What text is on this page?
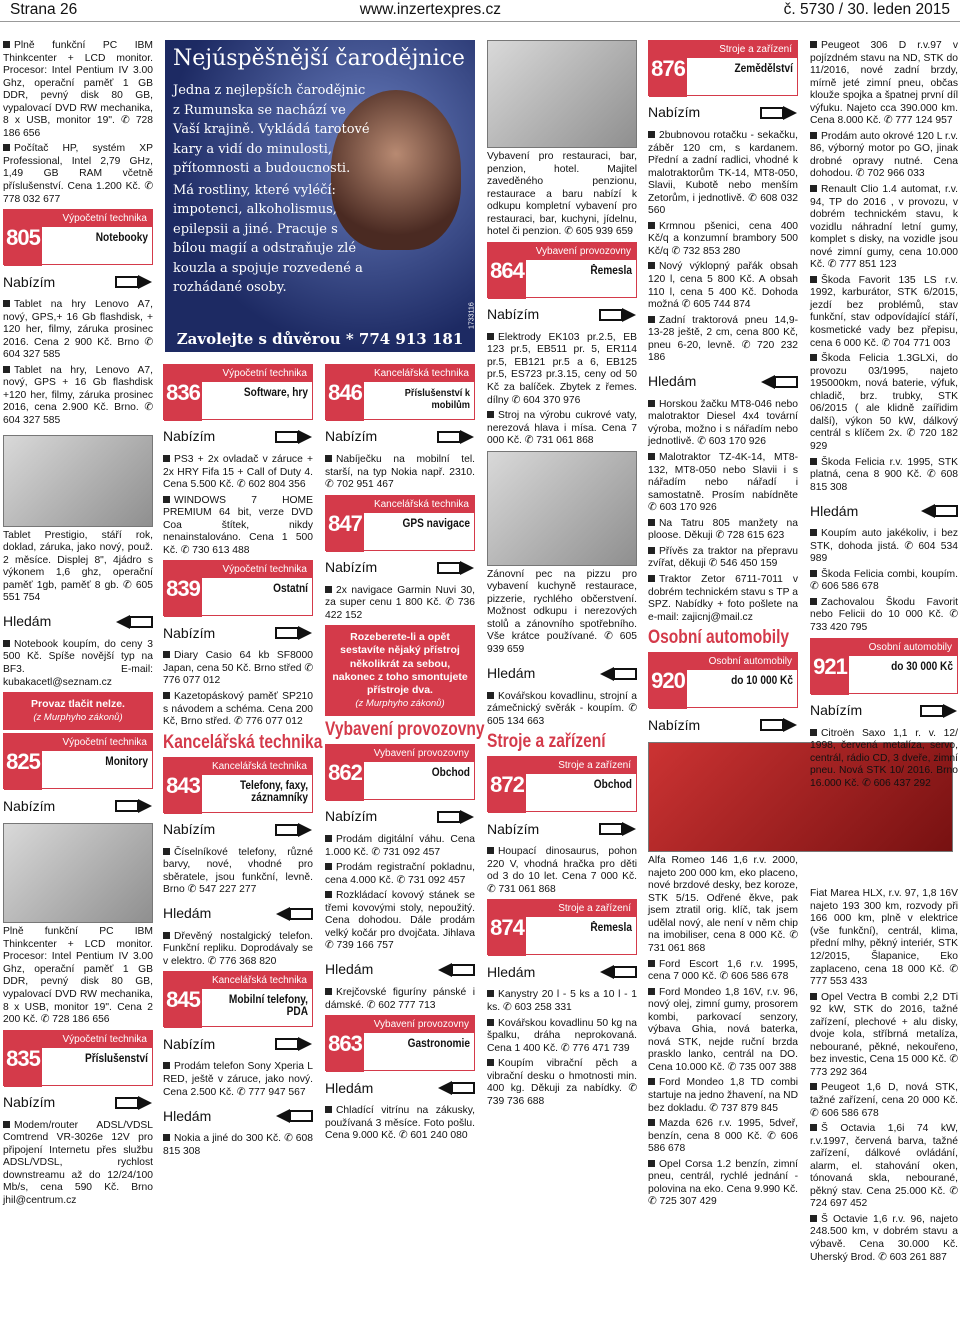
Strana 26	www.inzertexpres.cz	č. 5730 / 30. leden 2015

Plně funkční PC IBM Thinkcenter + LCD monitor. Procesor: Intel Pentium IV 3.00 Ghz, operační paměť 1 GB DDR, pevný disk 80 GB, vypalovací DVD RW mechanika, 8 x USB, monitor 19". ✆ 728 186 656

Počítač HP, systém XP Professional, Intel 2,79 GHz, 1,49 GB RAM včetně příslušenství. Cena 1.200 Kč. ✆ 778 032 677

805
Výpočetní technika
Notebooky
Nabízím

Tablet na hry Lenovo A7, nový, GPS,+ 16 Gb flashdisk, + 120 her, filmy, záruka prosinec 2016. Cena 2 900 Kč. Brno ✆ 604 327 585

Tablet na hry, Lenovo A7, nový, GPS + 16 Gb flashdisk +120 her, filmy, záruka prosinec 2016, cena 2.900 Kč. Brno. ✆ 604 327 585

Tablet Prestigio, stáří rok, doklad, záruka, jako nový, použ. 2 měsíce. Displej 8", 4jádro s výkonem 1,6 ghz, operační paměť 1gb, paměť 8 gb. ✆ 605 551 754

Hledám

Notebook koupím, do ceny 3 500 Kč. Spíše novější typ na BF3. E-mail: kubakacetl@seznam.cz

Provaz tlačit nelze.
(z Murphyho zákonů)
825
Výpočetní technika
Monitory
Nabízím

Plně funkční PC IBM Thinkcenter + LCD monitor. Procesor: Intel Pentium IV 3.00 Ghz, operační paměť 1 GB DDR, pevný disk 80 GB, vypalovací DVD RW mechanika, 8 x USB, monitor 19". Cena 2 200 Kč. ✆ 728 186 656

835
Výpočetní technika
Příslušenství
Nabízím

Modem/router ADSL/VDSL Comtrend VR-3026e 12V pro připojení Internetu přes službu ADSL/VDSL, rychlost downstreamu až do 12/24/100 Mb/s, cena 590 Kč. Brno jhil@centrum.cz

Nejúspěšnější čarodějnice

Jedna z nejlepších čarodějnic z Rumunska se nachází ve Vaší krajině. Vykládá tarotové kary a vidí do minulosti, přítomnosti a budoucnosti.

Má rostliny, které vyléčí: impotenci, alkoholismus, epilepsii a jiné. Pracuje s bílou magií a odstraňuje zlé kouzla a spojuje rozvedené a rozhádané osoby.

Zavolejte s důvěrou * 774 913 181
1733116
836
Výpočetní technika
Software, hry
Nabízím

PS3 + 2x ovladač v záruce + 2x HRY Fifa 15 + Call of Duty 4. Cena 5.500 Kč. ✆ 602 804 356

WINDOWS 7 HOME PREMIUM 64 bit, verze DVD Coa štítek, nikdy nenainstalováno. Cena 1 500 Kč. ✆ 730 613 488

839
Výpočetní technika
Ostatní
Nabízím

Diary Casio 64 kb SF8000 Japan, cena 50 Kč. Brno střed ✆ 776 077 012

Kazetopáskový paměť SP210 s návodem a schéma. Cena 200 Kč, Brno střed. ✆ 776 077 012

Kancelářská technika
843
Kancelářská technika
Telefony, faxy, záznamníky
Nabízím

Číselníkové telefony, různé barvy, nové, vhodné pro sběratele, jsou funkční, levně. Brno ✆ 547 227 277

Hledám

Dřevěný nostalgický telefon. Funkční repliku. Doprodávaly se v elektro. ✆ 776 368 820

845
Kancelářská technika
Mobilní telefony, PDA
Nabízím

Prodám telefon Sony Xperia L RED, ještě v záruce, jako nový. Cena 2.500 Kč. ✆ 777 947 567

Hledám

Nokia a jiné do 300 Kč. ✆ 608 815 308

846
Kancelářská technika
Příslušenství k mobilům
Nabízím

Nabíječku na mobilní tel. starší, na typ Nokia např. 2310. ✆ 702 951 467

847
Kancelářská technika
GPS navigace
Nabízím

2x navigace Garmin Nuvi 30, za super cenu 1 800 Kč. ✆ 736 422 152

Rozeberete-li a opět sestavíte nějaký přístroj několikrát za sebou, nakonec z toho smontujete přístroje dva.
(z Murphyho zákonů)
Vybavení provozovny
862
Vybavení provozovny
Obchod
Nabízím

Prodám digitální váhu. Cena 1.000 Kč. ✆ 731 092 457

Prodám registrační pokladnu, cena 4.000 Kč. ✆ 731 092 457

Rozkládací kovový stánek se třemi kovovými stoly, nepoužitý. Cena dohodou. Dále prodám velký kočár pro dvojčata. Jihlava ✆ 739 166 757

Hledám

Krejčovské figuríny pánské i dámské. ✆ 602 777 713

863
Vybavení provozovny
Gastronomie
Hledám

Chladící vitrínu na zákusky, používaná 3 měsíce. Foto pošlu. Cena 9.000 Kč. ✆ 601 240 080

Vybavení pro restauraci, bar, penzion, hotel. Majitel zaveděného penzionu, restaurace a baru nabízí k odkupu kompletní vybavení pro restauraci, bar, kuchyni, jídelnu, hotel či penzion. ✆ 605 939 659

864
Vybavení provozovny
Řemesla
Nabízím

Elektrody EK103 pr.2.5, EB 123 pr.5, EB511 pr. 5, ER114 pr.5, EB121 pr.5 a 6, EB125 pr.5, ES723 pr.3.15, ceny od 50 Kč za balíček. Zbytek z řemes. dílny ✆ 604 370 976

Stroj na výrobu cukrové vaty, nerezová hlava i mísa. Cena 7 000 Kč. ✆ 731 061 868

Zánovní pec na pizzu pro vybavení kuchyně restaurace, pizzerie, rychlého občerstvení. Možnost odkupu i nerezových stolů a zánovního spotřebního. Vše krátce používané. ✆ 605 939 659

Hledám

Kovářskou kovadlinu, strojní a zámečnický svěrák - koupím. ✆ 605 134 663

Stroje a zařízení
872
Stroje a zařízení
Obchod
Nabízím

Houpací dinosaurus, pohon 220 V, vhodná hračka pro děti od 3 do 10 let. Cena 7 000 Kč. ✆ 731 061 868

874
Stroje a zařízení
Řemesla
Hledám

Kanystry 20 l - 5 ks a 10 l - 1 ks. ✆ 603 258 331

Kovářskou kovadlinu 50 kg na špalku, dráha neprokovaná. Cena 1 400 Kč. ✆ 776 471 739

Koupím vibrační pěch a vibrační desku o hmotnosti min. 400 kg. Děkuji za nabídky. ✆ 739 736 688

876
Stroje a zařízení
Zemědělství
Nabízím

2bubnovou rotačku - sekačku, záběr 120 cm, s kardanem. Přední a zadní radlici, vhodné k malotraktorům TK-14, MT8-050, Slavii, Kubotě nebo menším Zetorům, i jednotlivě. ✆ 608 032 560

Krmnou pšenici, cena 400 Kč/q a konzumní brambory 500 Kč/q ✆ 732 853 280

Nový výklopný pařák obsah 120 l, cena 5 800 Kč. A obsah 110 l, cena 5 400 Kč. Dohoda možná ✆ 605 744 874

Zadní traktorová pneu 14,9-13-28 ještě, 2 cm, cena 800 Kč, pneu 6-20, levně. ✆ 720 232 186

Hledám

Horskou žačku MT8-046 nebo malotraktor Diesel 4x4 tovární výroba, možno i s nářadím nebo jednotlivě. ✆ 603 170 926

Malotraktor TZ-4K-14, MT8-132, MT8-050 nebo Slavii i s nářadím nebo nářadí i samostatně. Prosím nabídněte ✆ 603 170 926

Na Tatru 805 manžety na ploose. Děkuji ✆ 728 615 623

Přívěs za traktor na přepravu zvířat, děkuji ✆ 546 450 159

Traktor Zetor 6711-7011 v dobrém technickém stavu s TP a SPZ. Nabídky + foto pošlete na e-mail: zajicnj@mail.cz

Osobní automobily
920
Osobní automobily
do 10 000 Kč
Nabízím

Alfa Romeo 146 1,6 r.v. 2000, najeto 200 000 km, eko placeno, nové brzdové desky, bez koroze, STK 5/15. Odřené ěkve, pak jsem ztratil orig. klíč, tak jsem udělal nový, ale není v něm chip na imobiliser, cena 8 000 Kč. ✆ 731 061 868

Ford Escort 1,6 r.v. 1995, cena 7 000 Kč. ✆ 606 586 678

Ford Mondeo 1,8 16V, r.v. 96, nový olej, zimní gumy, prosorem kombi, parkovací senzory, výbava Ghia, nová baterka, nová STK, nejde ruční brzda prasklo lanko, centrál na DO. Cena 10.000 Kč. ✆ 735 007 388

Ford Mondeo 1,8 TD combi startuje na jedno žhavení, na ND bez dokladu. ✆ 737 879 845

Mazda 626 r.v. 1995, 5dveř, benzín, cena 8 000 Kč. ✆ 606 586 678

Opel Corsa 1.2 benzín, zimní pneu, centrál, rychlé jednání - polovina na eko. Cena 9.990 Kč. ✆ 725 307 429

Peugeot 306 D r.v.97 v pojízdném stavu na ND, STK do 11/2016, nové zadní brzdy, mírně jeté zimní pneu, občas klouže spojka a špatnej první díl výfuku. Najeto cca 390.000 km. Cena 8.000 Kč. ✆ 777 124 957

Prodám auto okrové 120 L r.v. 86, výborný motor po GO, jinak drobné opravy nutné. Cena dohodou. ✆ 702 966 033

Renault Clio 1.4 automat, r.v. 94, TP do 2016 , v provozu, v dobrém technickém stavu, k vozidlu náhradní letní gumy, komplet s disky, na vozidle jsou nové zimní gumy, cena 10.000 Kč. ✆ 777 851 123

Škoda Favorit 135 LS r.v. 1992, karburátor, STK 6/2015, jezdí bez problémů, stav funkční, stav odpovídající stáří, kosmetické vady bez přepisu, cena 6 000 Kč. ✆ 704 771 003

Škoda Felicia 1.3GLXi, do provozu 03/1995, najeto 195000km, nová baterie, výfuk, chladič, brz. trubky, STK 06/2015 ( ale klidně zaířidim další), výkon 50 kW, dálkový centrál s klíčem 2x. ✆ 720 182 929

Škoda Felicia r.v. 1995, STK platná, cena 8 900 Kč. ✆ 608 815 308

Hledám

Koupím auto jakékoliv, i bez STK, dohoda jistá. ✆ 604 534 989

Škoda Felicia combi, koupím. ✆ 606 586 678

Zachovalou Škodu Favorit nebo Felicii do 10 000 Kč. ✆ 733 420 795

921
Osobní automobily
do 30 000 Kč
Nabízím

Citroën Saxo 1,1 r. v. 12/ 1998, červená metalíza, servo, centrál, rádio CD, 3 dveře, zimní pneu. Nová STK 10/ 2016. Brno 16.000 Kč. ✆ 606 437 292

Fiat Marea HLX, r.v. 97, 1,8 16V najeto 193 300 km, rozvody při 166 000 km, plně v elektrice (vše funkční), centrál, klima, přední mlhy, pěkný interiér, STK 12/2015, Šlapanice, Eko zaplaceno, cena 18 000 Kč. ✆ 777 553 433

Opel Vectra B combi 2,2 DTi 92 kW, STK do 2016, tažné zařízení, plechové + alu disky, dvoje kola, stříbrná metalíza, nebourané, pěkné, nekouřeno, bez investic, Cena 15 000 Kč. ✆ 773 292 364

Peugeot 1,6 D, nová STK, tažné zařízení, cena 20 000 Kč. ✆ 606 586 678

Š Octavia 1,6i 74 kW, r.v.1997, červená barva, tažné zařízení, dálkové ovládání, alarm, el. stahování oken, tónovaná skla, nebourané, pěkný stav. Cena 25.000 Kč. ✆ 724 697 452

Š Octavie 1,6 r.v. 96, najeto 248.500 km, v dobrém stavu a výbavě. Cena 30.000 Kč. Uherský Brod. ✆ 603 261 887
